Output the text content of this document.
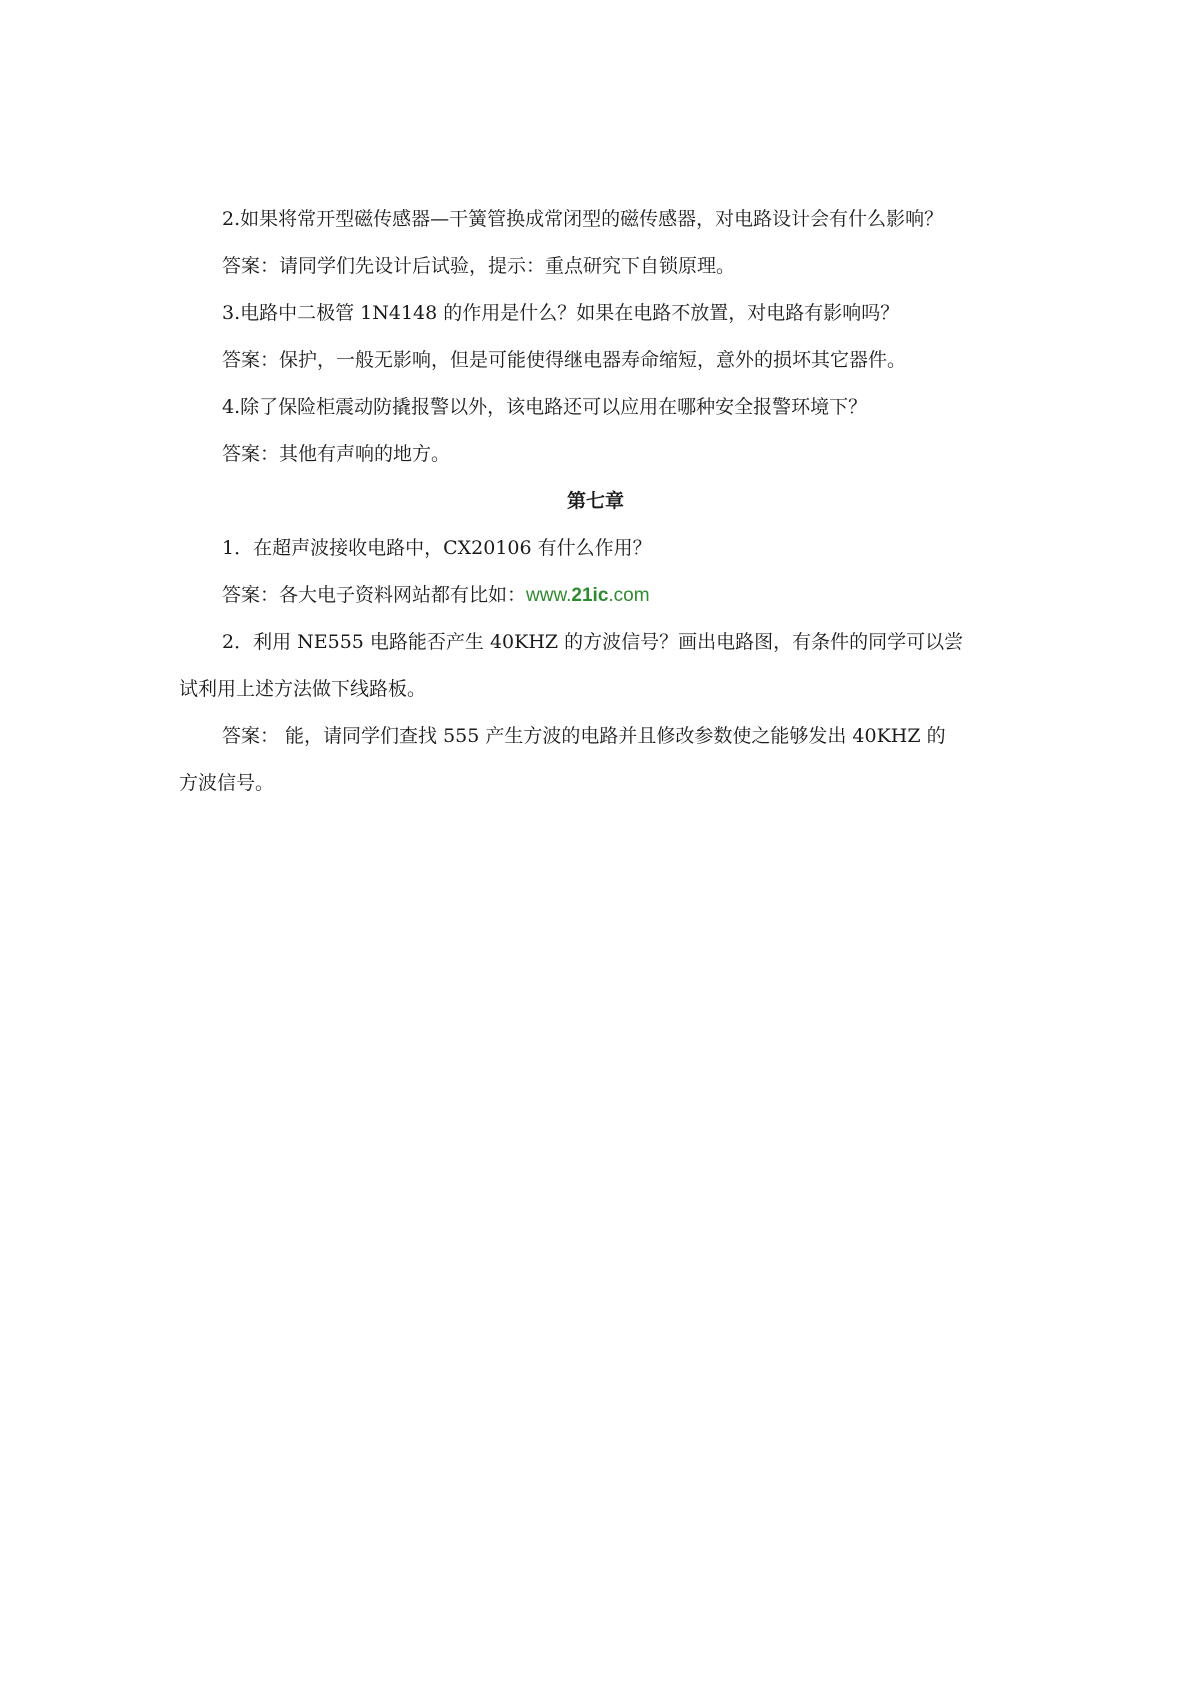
2.如果将常开型磁传感器—干簧管换成常闭型的磁传感器，对电路设计会有什么影响？
答案：请同学们先设计后试验，提示：重点研究下自锁原理。
3.电路中二极管 1N4148 的作用是什么？如果在电路不放置，对电路有影响吗？
答案：保护，一般无影响，但是可能使得继电器寿命缩短，意外的损坏其它器件。
4.除了保险柜震动防撬报警以外，该电路还可以应用在哪种安全报警环境下？
答案：其他有声响的地方。
第七章
1．在超声波接收电路中，CX20106 有什么作用？
答案：各大电子资料网站都有比如：www.21ic.com
2．利用 NE555 电路能否产生 40KHZ 的方波信号？画出电路图，有条件的同学可以尝
试利用上述方法做下线路板。
答案： 能，请同学们查找 555 产生方波的电路并且修改参数使之能够发出 40KHZ 的
方波信号。
